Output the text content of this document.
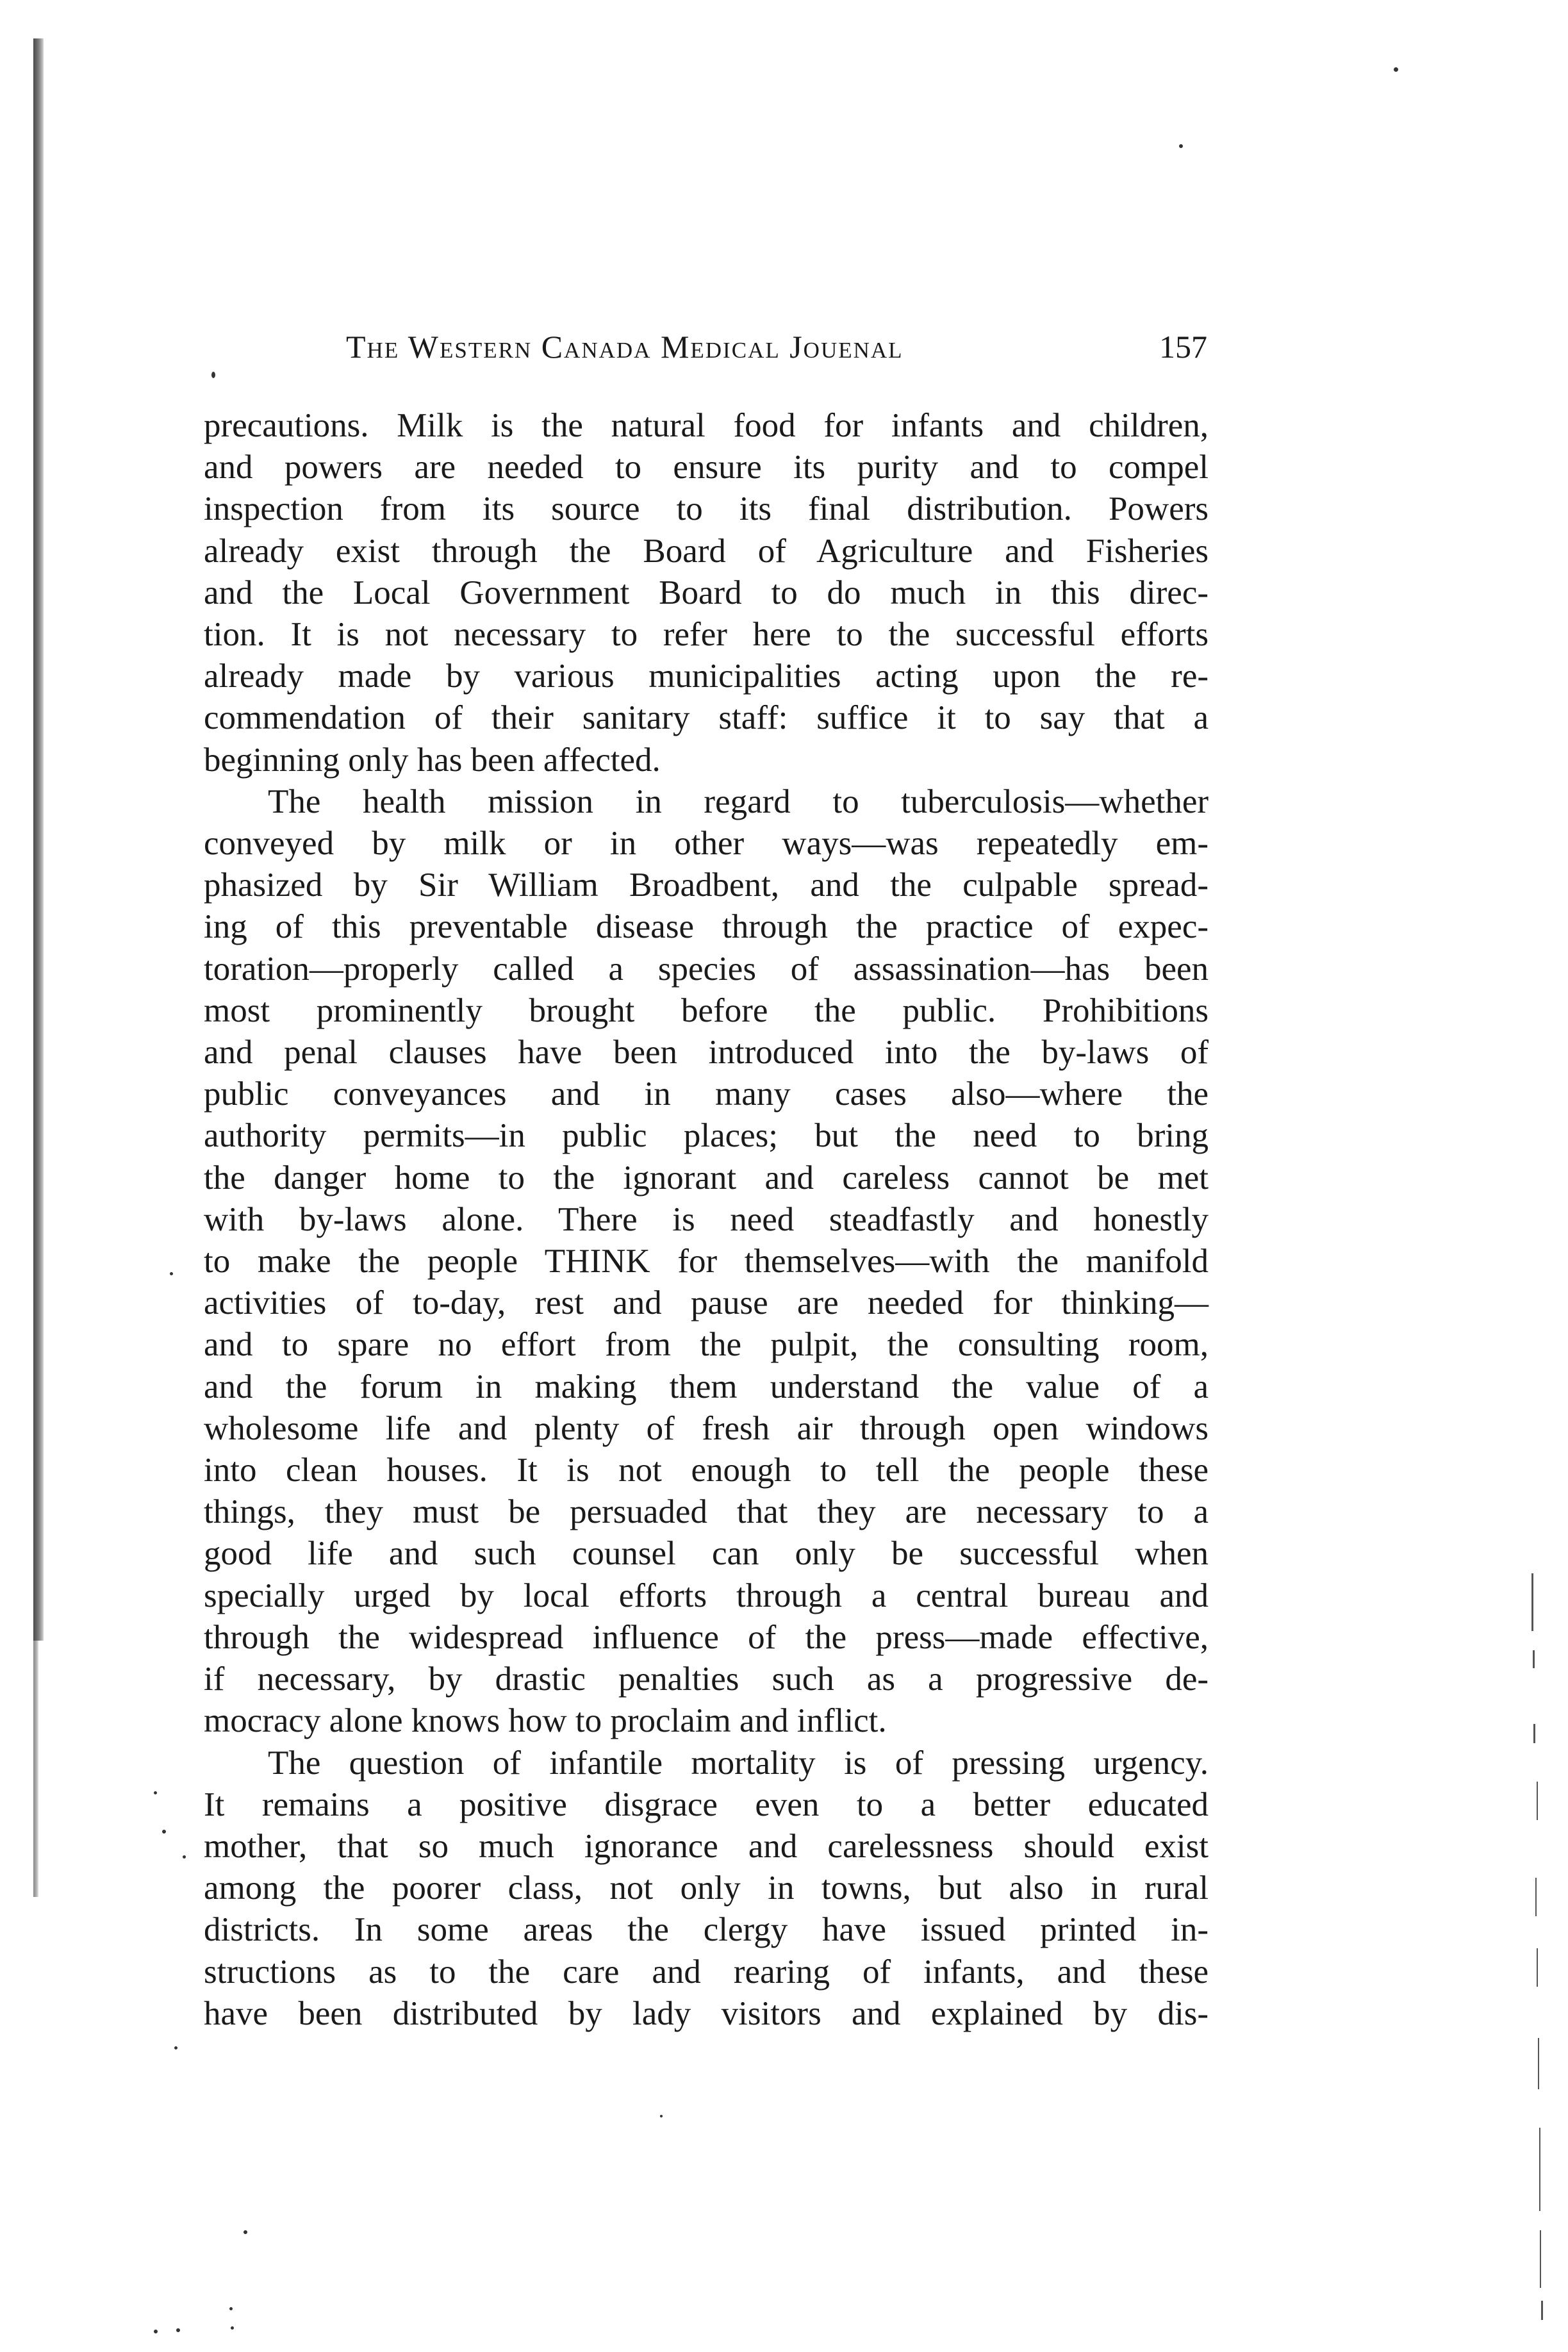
The Western Canada Medical Jouenal	157

precautions. Milk is the natural food for infants and children,

and powers are needed to ensure its purity and to compel

inspection from its source to its final distribution. Powers

already exist through the Board of Agriculture and Fisheries

and the Local Government Board to do much in this direc-

tion. It is not necessary to refer here to the successful efforts

already made by various municipalities acting upon the re-

commendation of their sanitary staff: suffice it to say that a

beginning only has been affected.

The health mission in regard to tuberculosis—whether

conveyed by milk or in other ways—was repeatedly em-

phasized by Sir William Broadbent, and the culpable spread-

ing of this preventable disease through the practice of expec-

toration—properly called a species of assassination—has been

most prominently brought before the public. Prohibitions

and penal clauses have been introduced into the by-laws of

public conveyances and in many cases also—where the

authority permits—in public places; but the need to bring

the danger home to the ignorant and careless cannot be met

with by-laws alone. There is need steadfastly and honestly

to make the people THINK for themselves—with the manifold

activities of to-day, rest and pause are needed for thinking—

and to spare no effort from the pulpit, the consulting room,

and the forum in making them understand the value of a

wholesome life and plenty of fresh air through open windows

into clean houses. It is not enough to tell the people these

things, they must be persuaded that they are necessary to a

good life and such counsel can only be successful when

specially urged by local efforts through a central bureau and

through the widespread influence of the press—made effective,

if necessary, by drastic penalties such as a progressive de-

mocracy alone knows how to proclaim and inflict.

The question of infantile mortality is of pressing urgency.

It remains a positive disgrace even to a better educated

mother, that so much ignorance and carelessness should exist

among the poorer class, not only in towns, but also in rural

districts. In some areas the clergy have issued printed in-

structions as to the care and rearing of infants, and these

have been distributed by lady visitors and explained by dis-
